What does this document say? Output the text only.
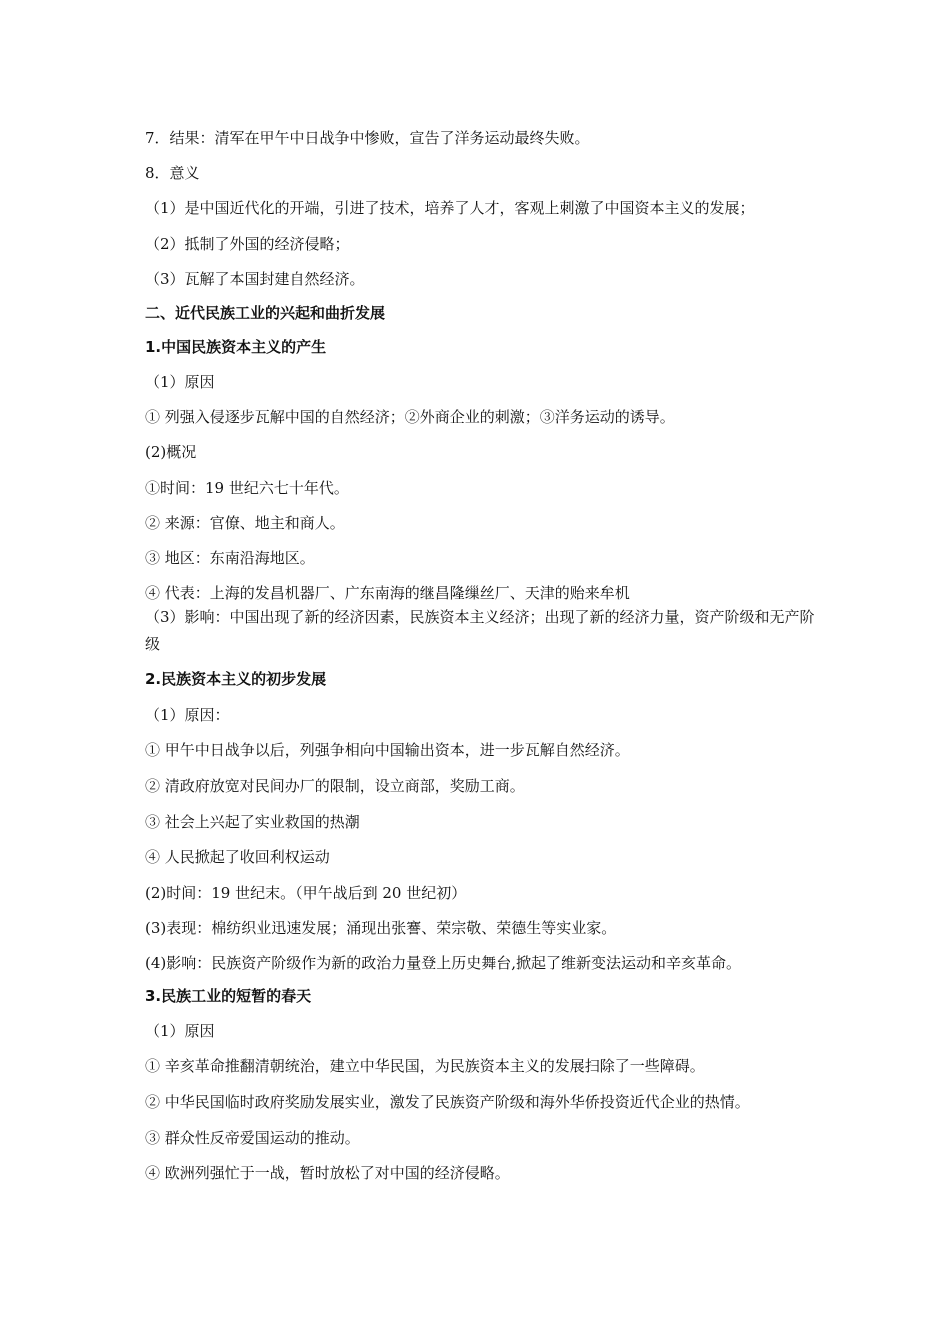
7．结果：清军在甲午中日战争中惨败，宣告了洋务运动最终失败。
8．意义
（1）是中国近代化的开端，引进了技术，培养了人才，客观上刺激了中国资本主义的发展；
（2）抵制了外国的经济侵略；
（3）瓦解了本国封建自然经济。
二、近代民族工业的兴起和曲折发展
1.中国民族资本主义的产生
（1）原因
① 列强入侵逐步瓦解中国的自然经济；②外商企业的刺激；③洋务运动的诱导。
(2)概况
①时间：19 世纪六七十年代。
② 来源：官僚、地主和商人。
③ 地区：东南沿海地区。
④ 代表：上海的发昌机器厂、广东南海的继昌隆缫丝厂、天津的贻来牟机
（3）影响：中国出现了新的经济因素，民族资本主义经济；出现了新的经济力量，资产阶级和无产阶级
2.民族资本主义的初步发展
（1）原因：
① 甲午中日战争以后，列强争相向中国输出资本，进一步瓦解自然经济。
② 清政府放宽对民间办厂的限制，设立商部，奖励工商。
③ 社会上兴起了实业救国的热潮
④ 人民掀起了收回利权运动
(2)时间：19 世纪末。（甲午战后到 20 世纪初）
(3)表现：棉纺织业迅速发展；涌现出张謇、荣宗敬、荣德生等实业家。
(4)影响：民族资产阶级作为新的政治力量登上历史舞台,掀起了维新变法运动和辛亥革命。
3.民族工业的短暂的春天
（1）原因
① 辛亥革命推翻清朝统治，建立中华民国，为民族资本主义的发展扫除了一些障碍。
② 中华民国临时政府奖励发展实业，激发了民族资产阶级和海外华侨投资近代企业的热情。
③ 群众性反帝爱国运动的推动。
④ 欧洲列强忙于一战，暂时放松了对中国的经济侵略。
